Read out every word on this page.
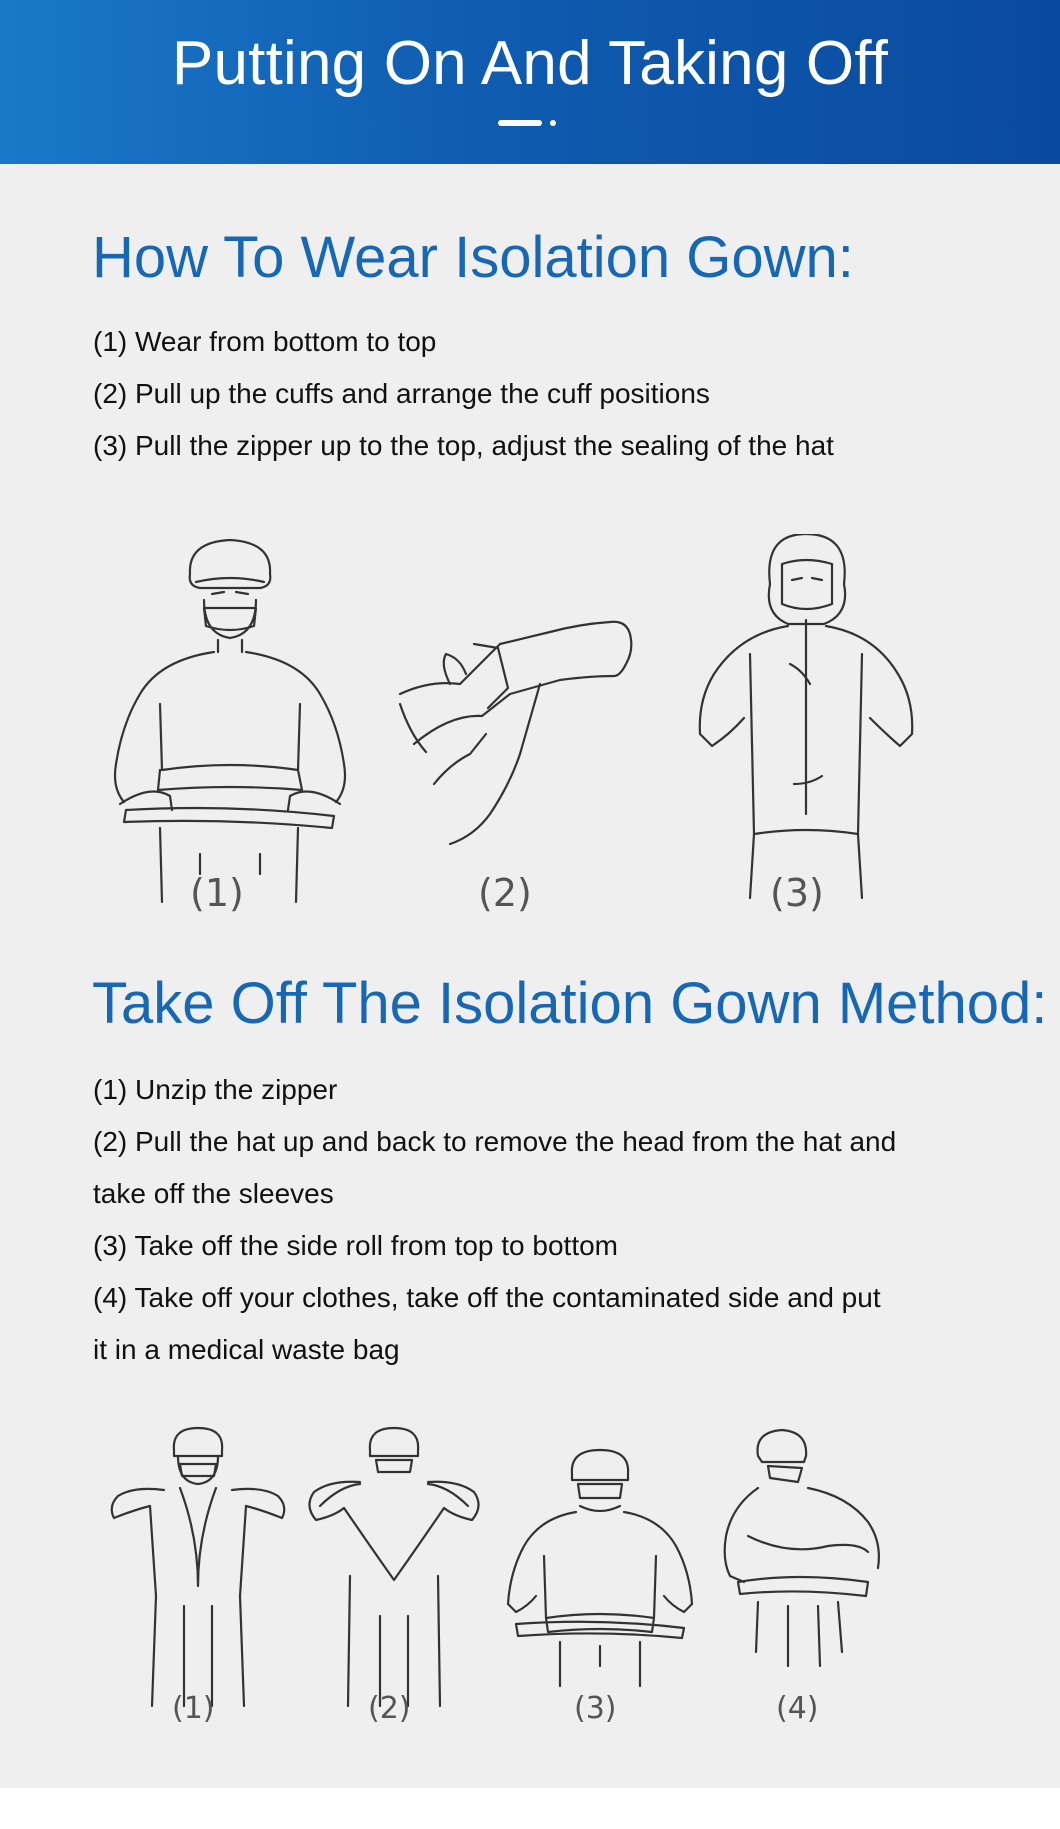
Putting On And Taking Off
How To Wear Isolation Gown:
(1) Wear from bottom to top
(2) Pull up the cuffs and arrange the cuff positions
(3) Pull the zipper up to the top, adjust the sealing of the hat
(1)	(2)	(3)
Take Off The Isolation Gown Method:
(1) Unzip the zipper
(2) Pull the hat up and back to remove the head from the hat and
take off the sleeves
(3) Take off the side roll from top to bottom
(4) Take off your clothes, take off the contaminated side and put
it in a medical waste bag
(1)	(2)	(3)	(4)
